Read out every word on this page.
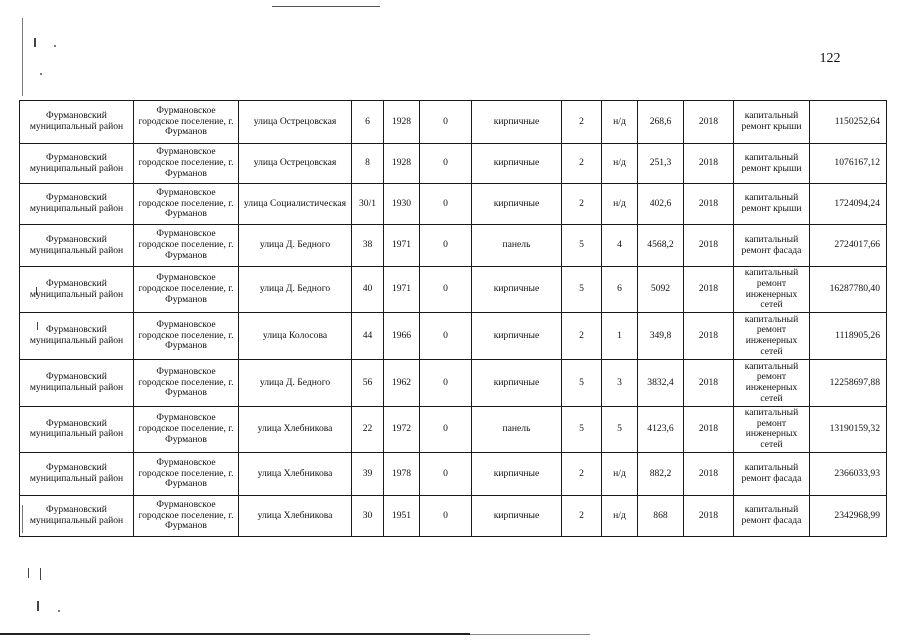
122
Фурмановский муниципальный район	Фурмановское городское поселение, г. Фурманов	улица Острецовская	6	1928	0	кирпичные	2	н/д	268,6	2018	капитальный ремонт крыши	1150252,64
Фурмановский муниципальный район	Фурмановское городское поселение, г. Фурманов	улица Острецовская	8	1928	0	кирпичные	2	н/д	251,3	2018	капитальный ремонт крыши	1076167,12
Фурмановский муниципальный район	Фурмановское городское поселение, г. Фурманов	улица Социалистическая	30/1	1930	0	кирпичные	2	н/д	402,6	2018	капитальный ремонт крыши	1724094,24
Фурмановский муниципальный район	Фурмановское городское поселение, г. Фурманов	улица Д. Бедного	38	1971	0	панель	5	4	4568,2	2018	капитальный ремонт фасада	2724017,66
Фурмановский муниципальный район	Фурмановское городское поселение, г. Фурманов	улица Д. Бедного	40	1971	0	кирпичные	5	6	5092	2018	капитальный ремонт инженерных сетей	16287780,40
Фурмановский муниципальный район	Фурмановское городское поселение, г. Фурманов	улица Колосова	44	1966	0	кирпичные	2	1	349,8	2018	капитальный ремонт инженерных сетей	1118905,26
Фурмановский муниципальный район	Фурмановское городское поселение, г. Фурманов	улица Д. Бедного	56	1962	0	кирпичные	5	3	3832,4	2018	капитальный ремонт инженерных сетей	12258697,88
Фурмановский муниципальный район	Фурмановское городское поселение, г. Фурманов	улица Хлебникова	22	1972	0	панель	5	5	4123,6	2018	капитальный ремонт инженерных сетей	13190159,32
Фурмановский муниципальный район	Фурмановское городское поселение, г. Фурманов	улица Хлебникова	39	1978	0	кирпичные	2	н/д	882,2	2018	капитальный ремонт фасада	2366033,93
Фурмановский муниципальный район	Фурмановское городское поселение, г. Фурманов	улица Хлебникова	30	1951	0	кирпичные	2	н/д	868	2018	капитальный ремонт фасада	2342968,99
